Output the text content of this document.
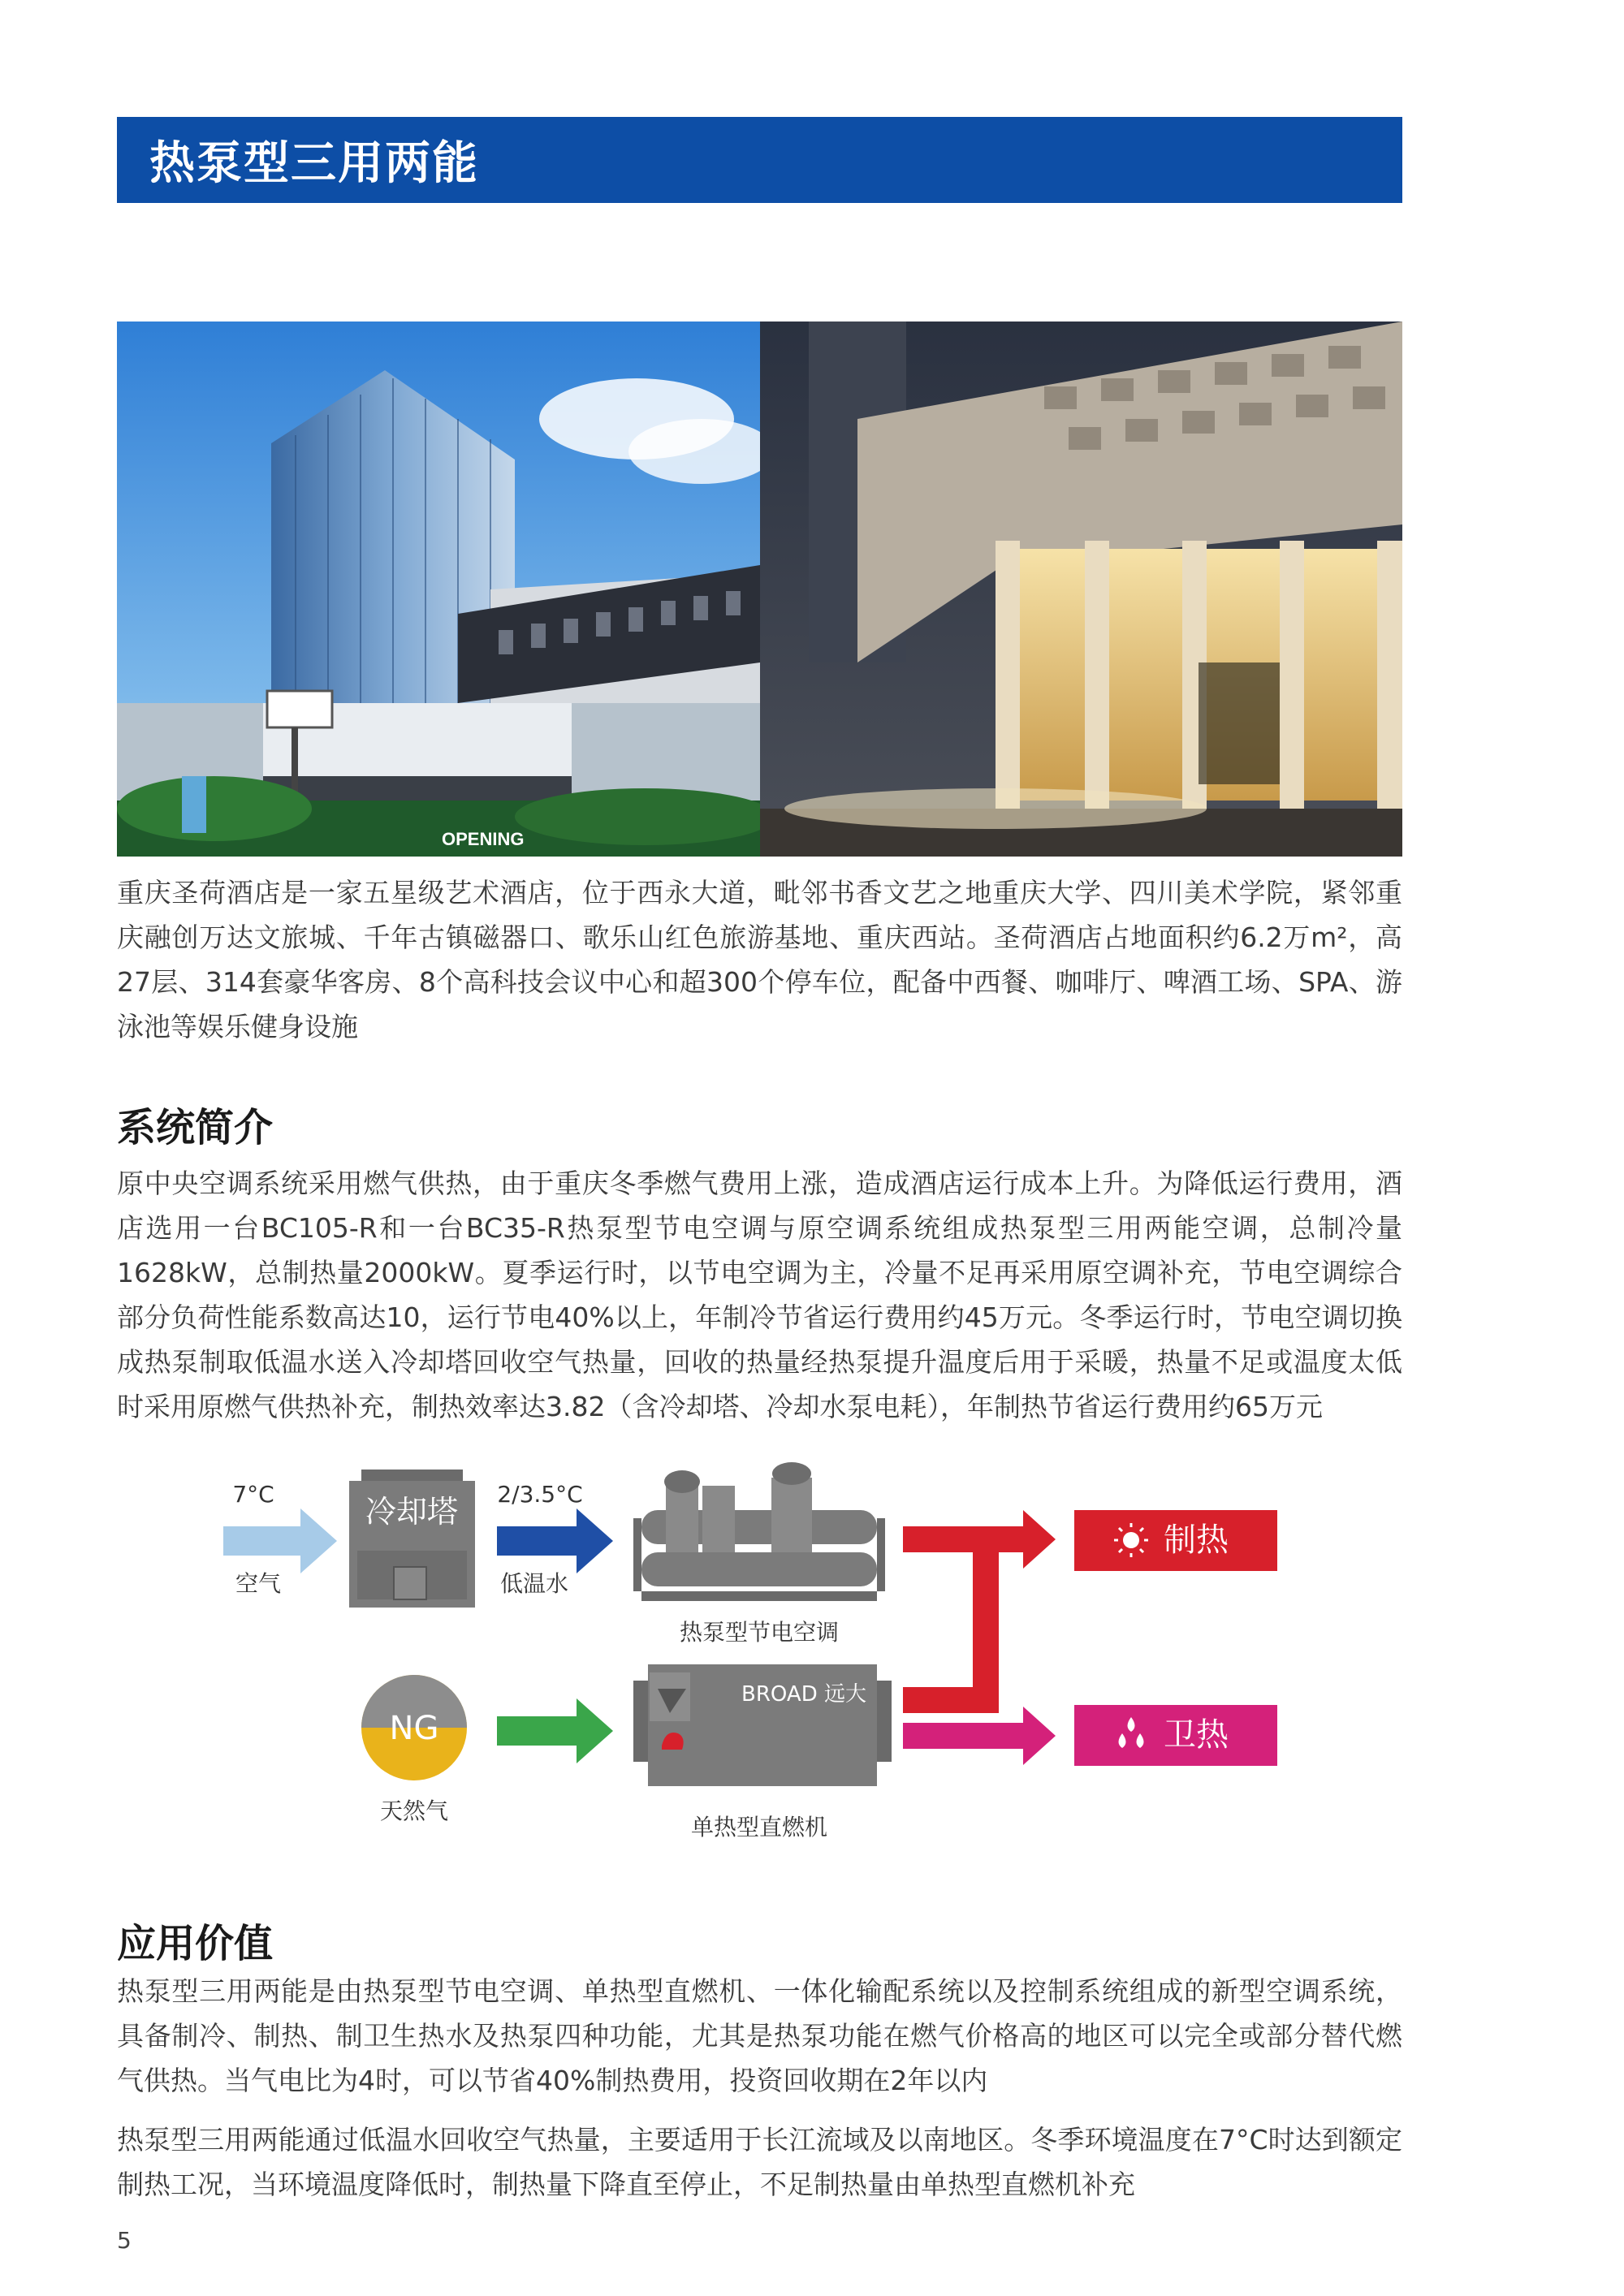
热泵型三用两能
OPENING

重庆圣荷酒店是一家五星级艺术酒店，位于西永大道，毗邻书香文艺之地重庆大学、四川美术学院，紧邻重庆融创万达文旅城、千年古镇磁器口、歌乐山红色旅游基地、重庆西站。圣荷酒店占地面积约6.2万m²，高27层、314套豪华客房、8个高科技会议中心和超300个停车位，配备中西餐、咖啡厅、啤酒工场、SPA、游泳池等娱乐健身设施

系统简介

原中央空调系统采用燃气供热，由于重庆冬季燃气费用上涨，造成酒店运行成本上升。为降低运行费用，酒店选用一台BC105-R和一台BC35-R热泵型节电空调与原空调系统组成热泵型三用两能空调，总制冷量1628kW，总制热量2000kW。夏季运行时，以节电空调为主，冷量不足再采用原空调补充，节电空调综合部分负荷性能系数高达10，运行节电40%以上，年制冷节省运行费用约45万元。冬季运行时，节电空调切换成热泵制取低温水送入冷却塔回收空气热量，回收的热量经热泵提升温度后用于采暖，热量不足或温度太低时采用原燃气供热补充，制热效率达3.82（含冷却塔、冷却水泵电耗），年制热节省运行费用约65万元

7°C
空气
冷却塔 2/3.5°C
低温水
热泵型节电空调
制热
NG
天然气
BROAD 远大
单热型直燃机
卫热
应用价值

热泵型三用两能是由热泵型节电空调、单热型直燃机、一体化输配系统以及控制系统组成的新型空调系统，具备制冷、制热、制卫生热水及热泵四种功能，尤其是热泵功能在燃气价格高的地区可以完全或部分替代燃气供热。当气电比为4时，可以节省40%制热费用，投资回收期在2年以内

热泵型三用两能通过低温水回收空气热量，主要适用于长江流域及以南地区。冬季环境温度在7°C时达到额定制热工况，当环境温度降低时，制热量下降直至停止，不足制热量由单热型直燃机补充

5
